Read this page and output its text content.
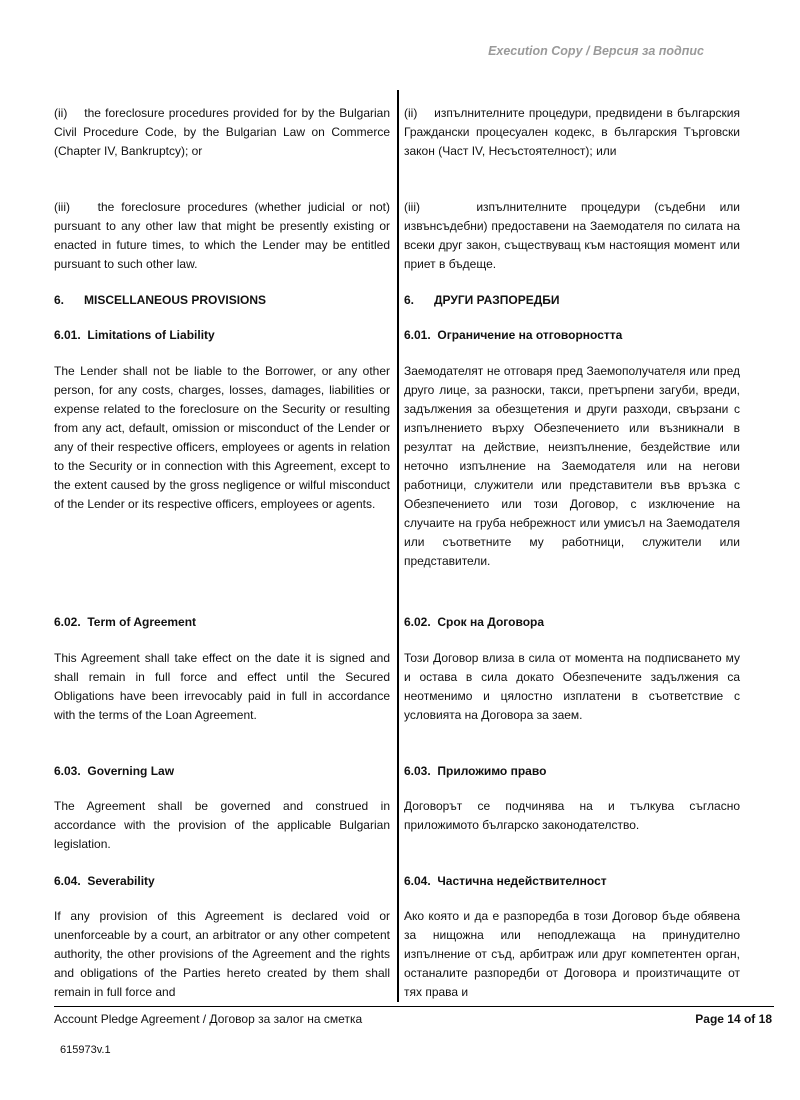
Execution Copy / Версия за подпис

(ii)    the foreclosure procedures provided for by the Bulgarian Civil Procedure Code, by the Bulgarian Law on Commerce (Chapter IV, Bankruptcy); or

(iii)    the foreclosure procedures (whether judicial or not) pursuant to any other law that might be presently existing or enacted in future times, to which the Lender may be entitled pursuant to such other law.

6.      MISCELLANEOUS PROVISIONS

6.01.  Limitations of Liability

The Lender shall not be liable to the Borrower, or any other person, for any costs, charges, losses, damages, liabilities or expense related to the foreclosure on the Security or resulting from any act, default, omission or misconduct of the Lender or any of their respective officers, employees or agents in relation to the Security or in connection with this Agreement, except to the extent caused by the gross negligence or wilful misconduct of the Lender or its respective officers, employees or agents.

6.02.  Term of Agreement

This Agreement shall take effect on the date it is signed and shall remain in full force and effect until the Secured Obligations have been irrevocably paid in full in accordance with the terms of the Loan Agreement.

6.03.  Governing Law

The Agreement shall be governed and construed in accordance with the provision of the applicable Bulgarian legislation.

6.04.  Severability

If any provision of this Agreement is declared void or unenforceable by a court, an arbitrator or any other competent authority, the other provisions of the Agreement and the rights and obligations of the Parties hereto created by them shall remain in full force and

(ii)    изпълнителните процедури, предвидени в българския Граждански процесуален кодекс, в българския Търговски закон (Част IV, Несъстоятелност); или

(iii)    изпълнителните процедури (съдебни или извънсъдебни) предоставени на Заемодателя по силата на всеки друг закон, съществуващ към настоящия момент или приет в бъдеще.

6.      ДРУГИ РАЗПОРЕДБИ

6.01.  Ограничение на отговорността

Заемодателят не отговаря пред Заемополучателя или пред друго лице, за разноски, такси, претърпени загуби, вреди, задължения за обезщетения и други разходи, свързани с изпълнението върху Обезпечението или възникнали в резултат на действие, неизпълнение, бездействие или неточно изпълнение на Заемодателя или на негови работници, служители или представители във връзка с Обезпечението или този Договор, с изключение на случаите на груба небрежност или умисъл на Заемодателя или съответните му работници, служители или представители.

6.02.  Срок на Договора

Този Договор влиза в сила от момента на подписването му и остава в сила докато Обезпечените задължения са неотменимо и цялостно изплатени в съответствие с условията на Договора за заем.

6.03.  Приложимо право

Договорът се подчинява на и тълкува съгласно приложимото българско законодателство.

6.04.  Частична недействителност

Ако която и да е разпоредба в този Договор бъде обявена за нищожна или неподлежаща на принудително изпълнение от съд, арбитраж или друг компетентен орган, останалите разпоредби от Договора и произтичащите от тях права и

Account Pledge Agreement / Договор за залог на сметка	Page 14 of 18
615973v.1
